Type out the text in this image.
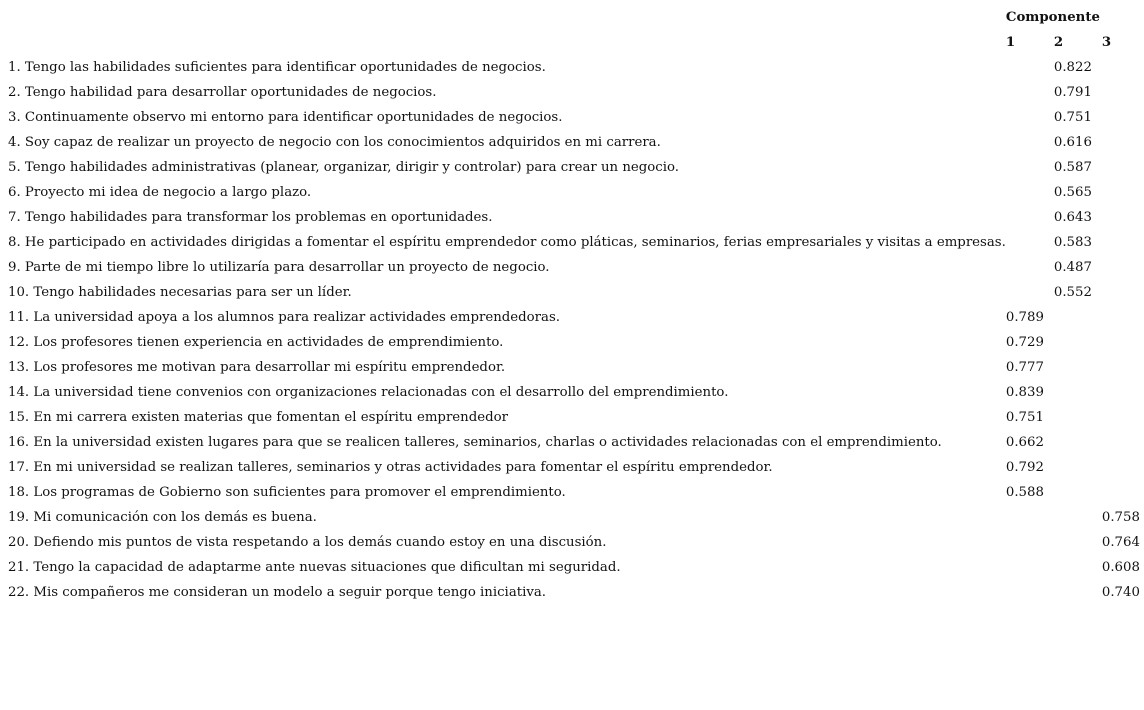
	Componente		
	1	2	3
1. Tengo las habilidades suficientes para identificar oportunidades de negocios.		0.822	
2. Tengo habilidad para desarrollar oportunidades de negocios.		0.791	
3. Continuamente observo mi entorno para identificar oportunidades de negocios.		0.751	
4. Soy capaz de realizar un proyecto de negocio con los conocimientos adquiridos en mi carrera.		0.616	
5. Tengo habilidades administrativas (planear, organizar, dirigir y controlar) para crear un negocio.		0.587	
6. Proyecto mi idea de negocio a largo plazo.		0.565	
7. Tengo habilidades para transformar los problemas en oportunidades.		0.643	
8. He participado en actividades dirigidas a fomentar el espíritu emprendedor como pláticas, seminarios, ferias empresariales y visitas a empresas.		0.583	
9. Parte de mi tiempo libre lo utilizaría para desarrollar un proyecto de negocio.		0.487	
10. Tengo habilidades necesarias para ser un líder.		0.552	
11. La universidad apoya a los alumnos para realizar actividades emprendedoras.	0.789		
12. Los profesores tienen experiencia en actividades de emprendimiento.	0.729		
13. Los profesores me motivan para desarrollar mi espíritu emprendedor.	0.777		
14. La universidad tiene convenios con organizaciones relacionadas con el desarrollo del emprendimiento.	0.839		
15. En mi carrera existen materias que fomentan el espíritu emprendedor	0.751		
16. En la universidad existen lugares para que se realicen talleres, seminarios, charlas o actividades relacionadas con el emprendimiento.	0.662		
17. En mi universidad se realizan talleres, seminarios y otras actividades para fomentar el espíritu emprendedor.	0.792		
18. Los programas de Gobierno son suficientes para promover el emprendimiento.	0.588		
19. Mi comunicación con los demás es buena.			0.758
20. Defiendo mis puntos de vista respetando a los demás cuando estoy en una discusión.			0.764
21. Tengo la capacidad de adaptarme ante nuevas situaciones que dificultan mi seguridad.			0.608
22. Mis compañeros me consideran un modelo a seguir porque tengo iniciativa.			0.740
